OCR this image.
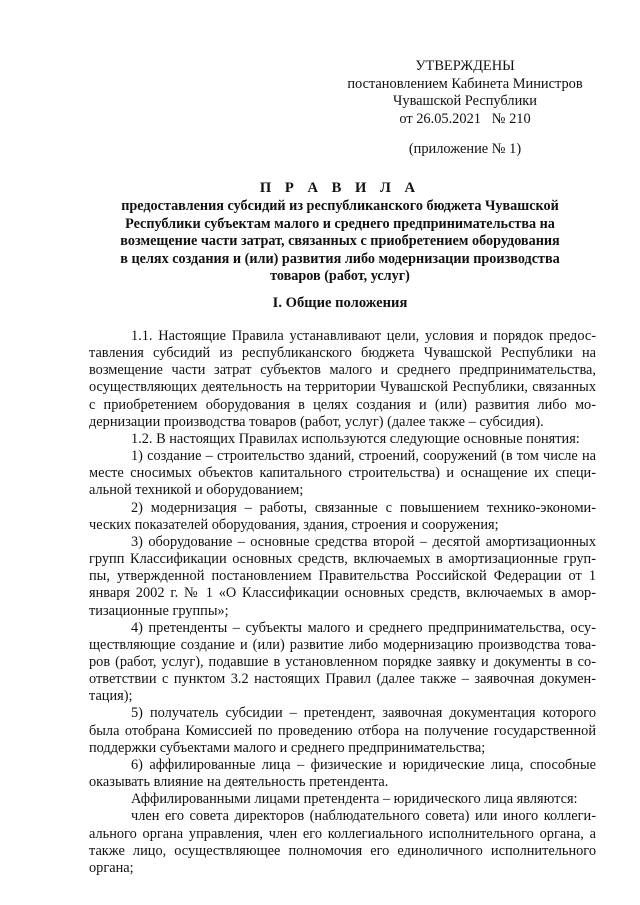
УТВЕРЖДЕНЫ
постановлением Кабинета Министров
Чувашской Республики
от 26.05.2021   № 210
(приложение № 1)
П Р А В И Л А
предоставления субсидий из республиканского бюджета Чувашской
Республики субъектам малого и среднего предпринимательства на
возмещение части затрат, связанных с приобретением оборудования
в целях создания и (или) развития либо модернизации производства
товаров (работ, услуг)
I. Общие положения

1.1. Настоящие Правила устанавливают цели, условия и порядок предоставления субсидий из республиканского бюджета Чувашской Республики на возмещение части затрат субъектов малого и среднего предпринимательства, осуществляющих деятельность на территории Чувашской Республики, связанных с приобретением оборудования в целях создания и (или) развития либо модернизации производства товаров (работ, услуг) (далее также – субсидия).

1.2. В настоящих Правилах используются следующие основные понятия:

1) создание – строительство зданий, строений, сооружений (в том числе на месте сносимых объектов капитального строительства) и оснащение их специальной техникой и оборудованием;

2) модернизация – работы, связанные с повышением технико-экономических показателей оборудования, здания, строения и сооружения;

3) оборудование – основные средства второй – десятой амортизационных групп Классификации основных средств, включаемых в амортизационные группы, утвержденной постановлением Правительства Российской Федерации от 1 января 2002 г. № 1 «О Классификации основных средств, включаемых в амортизационные группы»;

4) претенденты – субъекты малого и среднего предпринимательства, осуществляющие создание и (или) развитие либо модернизацию производства товаров (работ, услуг), подавшие в установленном порядке заявку и документы в соответствии с пунктом 3.2 настоящих Правил (далее также – заявочная документация);

5) получатель субсидии – претендент, заявочная документация которого была отобрана Комиссией по проведению отбора на получение государственной поддержки субъектами малого и среднего предпринимательства;

6) аффилированные лица – физические и юридические лица, способные оказывать влияние на деятельность претендента.

Аффилированными лицами претендента – юридического лица являются:

член его совета директоров (наблюдательного совета) или иного коллегиального органа управления, член его коллегиального исполнительного органа, а также лицо, осуществляющее полномочия его единоличного исполнительного органа;
